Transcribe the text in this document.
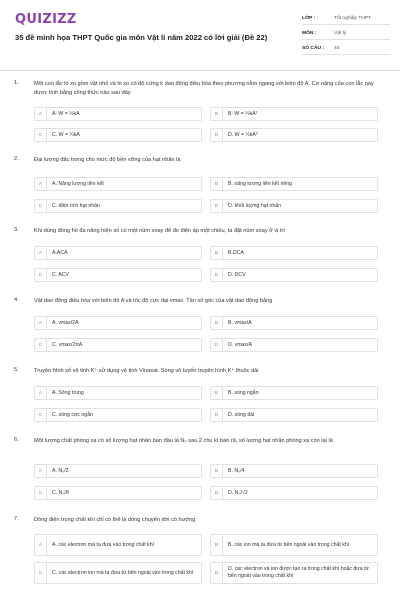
QUIZIZZ
35 đề minh họa THPT Quốc gia môn Vật lí năm 2022 có lời giải (Đề 22)
LỚP :	Tốt nghiệp THPT
MÔN :	Vật lý
SỐ CÂU :	40
1.	Một con lắc lò xo gồm vật nhỏ và lò xo có độ cứng k dao động điều hòa theo phương nằm ngang với biên độ A. Cơ năng của con lắc này được tính bằng công thức nào sau đây
A	A. W = ½kA	B	B. W = ¼kA²
C	C. W = ¼kA	D	D. W = ½kA²
2.	Đại lượng đặc trưng cho mức độ bền vững của hạt nhân là
A	A. Năng lượng liên kết	B	B. năng lượng liên kết riêng
C	C. điện tích hạt nhân	D	D. khối lượng hạt nhân
3.	Khi dùng đồng hồ đa năng hiện số có một núm xoay để đo điện áp một chiều, ta đặt núm xoay ở vị trí
A	A.ACA	B	B.DCA
C	C. ACV	D	D. DCV
4.	Vật dao động điều hòa với biên độ A và tốc độ cực đại vmax. Tần số góc của vật dao động bằng
A	A. vmax/2A	B	B. vmax/A
C	C. vmax/2πA	D	D. vmax/A
5.	Truyền hình số vệ tinh K⁺ sử dụng vệ tinh Vinasat. Sóng vô tuyến truyền hình K⁺ thuộc dải
A	A. Sóng trung	B	B. sóng ngắn
C	C. sóng cực ngắn	D	D. sóng dài
6.	Một lượng chất phóng xạ có số lượng hạt nhân ban đầu là N₀ sau 2 chu kì bán rã, số lượng hạt nhân phóng xạ còn lại là
A	A. N₀/2	B	B. N₀/4
C	C. N₀/8	D	D. N₀/√2
7.	Dòng điện trong chất khí chỉ có thể là dòng chuyển dời có hướng
A	A. các electron mà ta đưa vào trong chất khí	B	B. các ion mà ta đưa từ bên ngoài vào trong chất khí
C	C. các electron ion mà ta đưa từ bên ngoài vào trong chất khí	D
D. các electron và ion được tạo ra trong chất khí hoặc đưa từ bên ngoài vào trong chất khí
